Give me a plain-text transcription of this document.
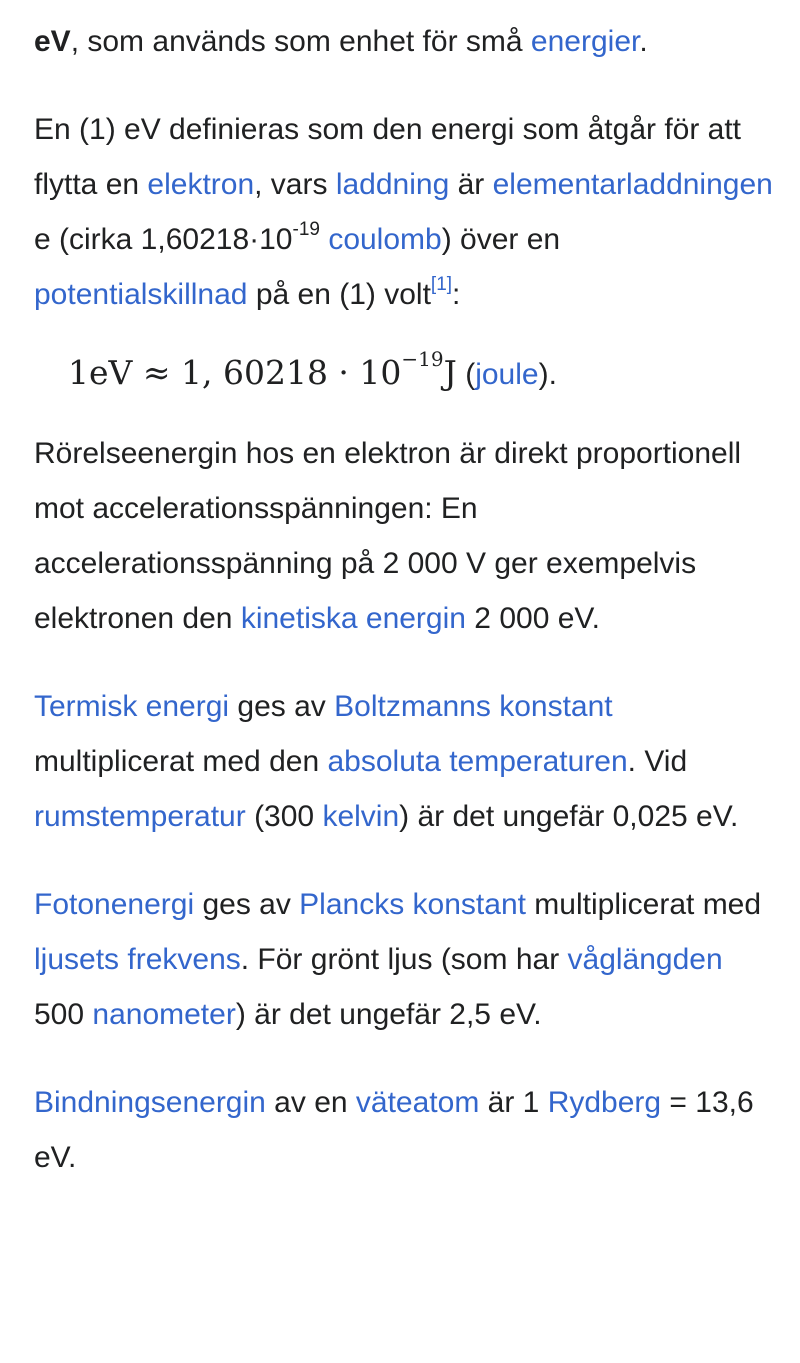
eV, som används som enhet för små energier.

En (1) eV definieras som den energi som åtgår för att flytta en elektron, vars laddning är elementarladdningen e (cirka $1,60218\cdot 10^{-19}$ coulomb) över en potentialskillnad på en (1) volt[1]:

1eV ≈ 1, $60218 \cdot 10^{-19}J$ (joule).

Rörelseenergin hos en elektron är direkt proportionell mot accelerationsspänningen: En accelerationsspänning på 2 000 V ger exempelvis elektronen den kinetiska energin 2 000 eV.

Termisk energi ges av Boltzmanns konstant multiplicerat med den absoluta temperaturen. Vid rumstemperatur (300 kelvin) är det ungefär 0,025 eV.

Fotonenergi ges av Plancks konstant multiplicerat med ljusets frekvens. För grönt ljus (som har våglängden 500 nanometer) är det ungefär 2,5 eV.

Bindningsenergin av en väteatom är 1 Rydberg = 13,6 eV.
